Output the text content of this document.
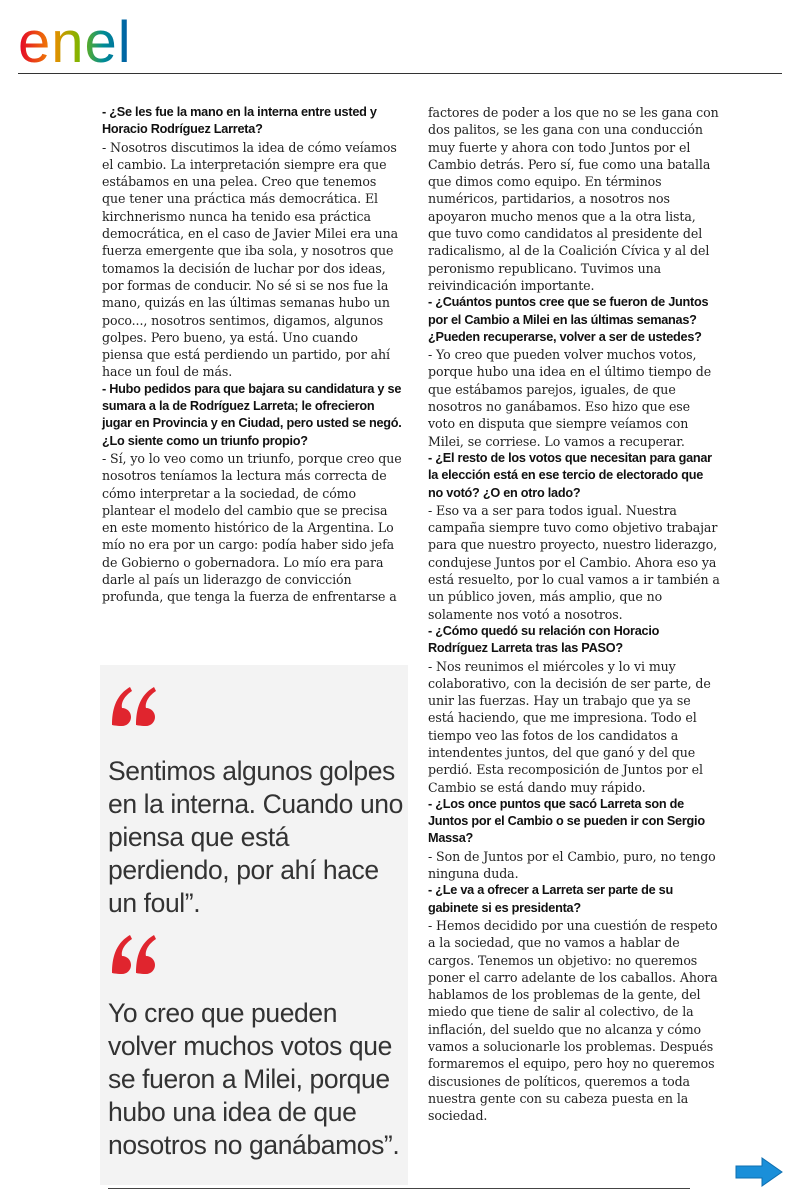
enel

- ¿Se les fue la mano en la interna entre usted y Horacio Rodríguez Larreta?

- Nosotros discutimos la idea de cómo veíamos el cambio. La interpretación siempre era que estábamos en una pelea. Creo que tenemos que tener una práctica más democrática. El kirchnerismo nunca ha tenido esa práctica democrática, en el caso de Javier Milei era una fuerza emergente que iba sola, y nosotros que tomamos la decisión de luchar por dos ideas, por formas de conducir. No sé si se nos fue la mano, quizás en las últimas semanas hubo un poco..., nosotros sentimos, digamos, algunos golpes. Pero bueno, ya está. Uno cuando piensa que está perdiendo un partido, por ahí hace un foul de más.

- Hubo pedidos para que bajara su candidatura y se sumara a la de Rodríguez Larreta; le ofrecieron jugar en Provincia y en Ciudad, pero usted se negó. ¿Lo siente como un triunfo propio?

- Sí, yo lo veo como un triunfo, porque creo que nosotros teníamos la lectura más correcta de cómo interpretar a la sociedad, de cómo plantear el modelo del cambio que se precisa en este momento histórico de la Argentina. Lo mío no era por un cargo: podía haber sido jefa de Gobierno o gobernadora. Lo mío era para darle al país un liderazgo de convicción profunda, que tenga la fuerza de enfrentarse a

factores de poder a los que no se les gana con dos palitos, se les gana con una conducción muy fuerte y ahora con todo Juntos por el Cambio detrás. Pero sí, fue como una batalla que dimos como equipo. En términos numéricos, partidarios, a nosotros nos apoyaron mucho menos que a la otra lista, que tuvo como candidatos al presidente del radicalismo, al de la Coalición Cívica y al del peronismo republicano. Tuvimos una reivindicación importante.

- ¿Cuántos puntos cree que se fueron de Juntos por el Cambio a Milei en las últimas semanas? ¿Pueden recuperarse, volver a ser de ustedes?

- Yo creo que pueden volver muchos votos, porque hubo una idea en el último tiempo de que estábamos parejos, iguales, de que nosotros no ganábamos. Eso hizo que ese voto en disputa que siempre veíamos con Milei, se corriese. Lo vamos a recuperar.

- ¿El resto de los votos que necesitan para ganar la elección está en ese tercio de electorado que no votó? ¿O en otro lado?

- Eso va a ser para todos igual. Nuestra campaña siempre tuvo como objetivo trabajar para que nuestro proyecto, nuestro liderazgo, condujese Juntos por el Cambio. Ahora eso ya está resuelto, por lo cual vamos a ir también a un público joven, más amplio, que no solamente nos votó a nosotros.

- ¿Cómo quedó su relación con Horacio Rodríguez Larreta tras las PASO?

- Nos reunimos el miércoles y lo vi muy colaborativo, con la decisión de ser parte, de unir las fuerzas. Hay un trabajo que ya se está haciendo, que me impresiona. Todo el tiempo veo las fotos de los candidatos a intendentes juntos, del que ganó y del que perdió. Esta recomposición de Juntos por el Cambio se está dando muy rápido.

- ¿Los once puntos que sacó Larreta son de Juntos por el Cambio o se pueden ir con Sergio Massa?

- Son de Juntos por el Cambio, puro, no tengo ninguna duda.

- ¿Le va a ofrecer a Larreta ser parte de su gabinete si es presidenta?

- Hemos decidido por una cuestión de respeto a la sociedad, que no vamos a hablar de cargos. Tenemos un objetivo: no queremos poner el carro adelante de los caballos. Ahora hablamos de los problemas de la gente, del miedo que tiene de salir al colectivo, de la inflación, del sueldo que no alcanza y cómo vamos a solucionarle los problemas. Después formaremos el equipo, pero hoy no queremos discusiones de políticos, queremos a toda nuestra gente con su cabeza puesta en la sociedad.

Sentimos algunos golpes en la interna. Cuando uno piensa que está perdiendo, por ahí hace un foul”.

Yo creo que pueden volver muchos votos que se fueron a Milei, porque hubo una idea de que nosotros no ganábamos”.
